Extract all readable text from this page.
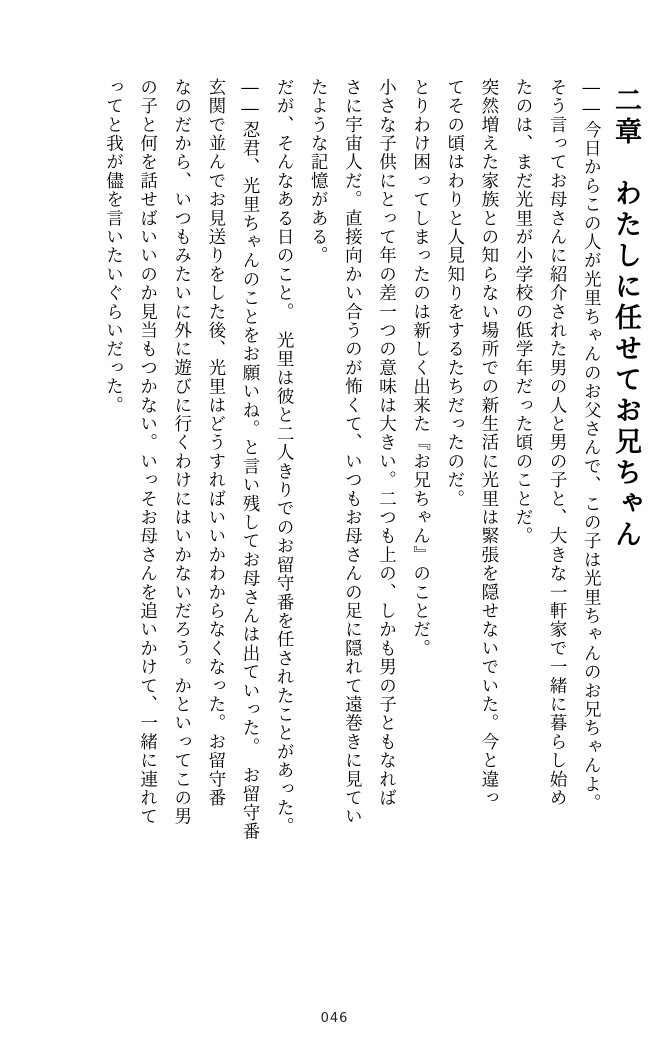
二章　わたしに任せてお兄ちゃん

――今日からこの人が光里ちゃんのお父さんで、この子は光里ちゃんのお兄ちゃんよ。

そう言ってお母さんに紹介された男の人と男の子と、大きな一軒家で一緒に暮らし始め

たのは、まだ光里が小学校の低学年だった頃のことだ。

突然増えた家族との知らない場所での新生活に光里は緊張を隠せないでいた。今と違っ

てその頃はわりと人見知りをするたちだったのだ。

とりわけ困ってしまったのは新しく出来た『お兄ちゃん』のことだ。

小さな子供にとって年の差一つの意味は大きい。二つも上の、しかも男の子ともなれば

さに宇宙人だ。直接向かい合うのが怖くて、いつもお母さんの足に隠れて遠巻きに見てい

たような記憶がある。

だが、そんなある日のこと。　光里は彼と二人きりでのお留守番を任されたことがあった。

――忍君、光里ちゃんのことをお願いね。と言い残してお母さんは出ていった。　お留守番

玄関で並んでお見送りをした後、光里はどうすればいいかわからなくなった。お留守番

なのだから、いつもみたいに外に遊びに行くわけにはいかないだろう。かといってこの男

の子と何を話せばいいのか見当もつかない。いっそお母さんを追いかけて、一緒に連れて

ってと我が儘を言いたいぐらいだった。

046
